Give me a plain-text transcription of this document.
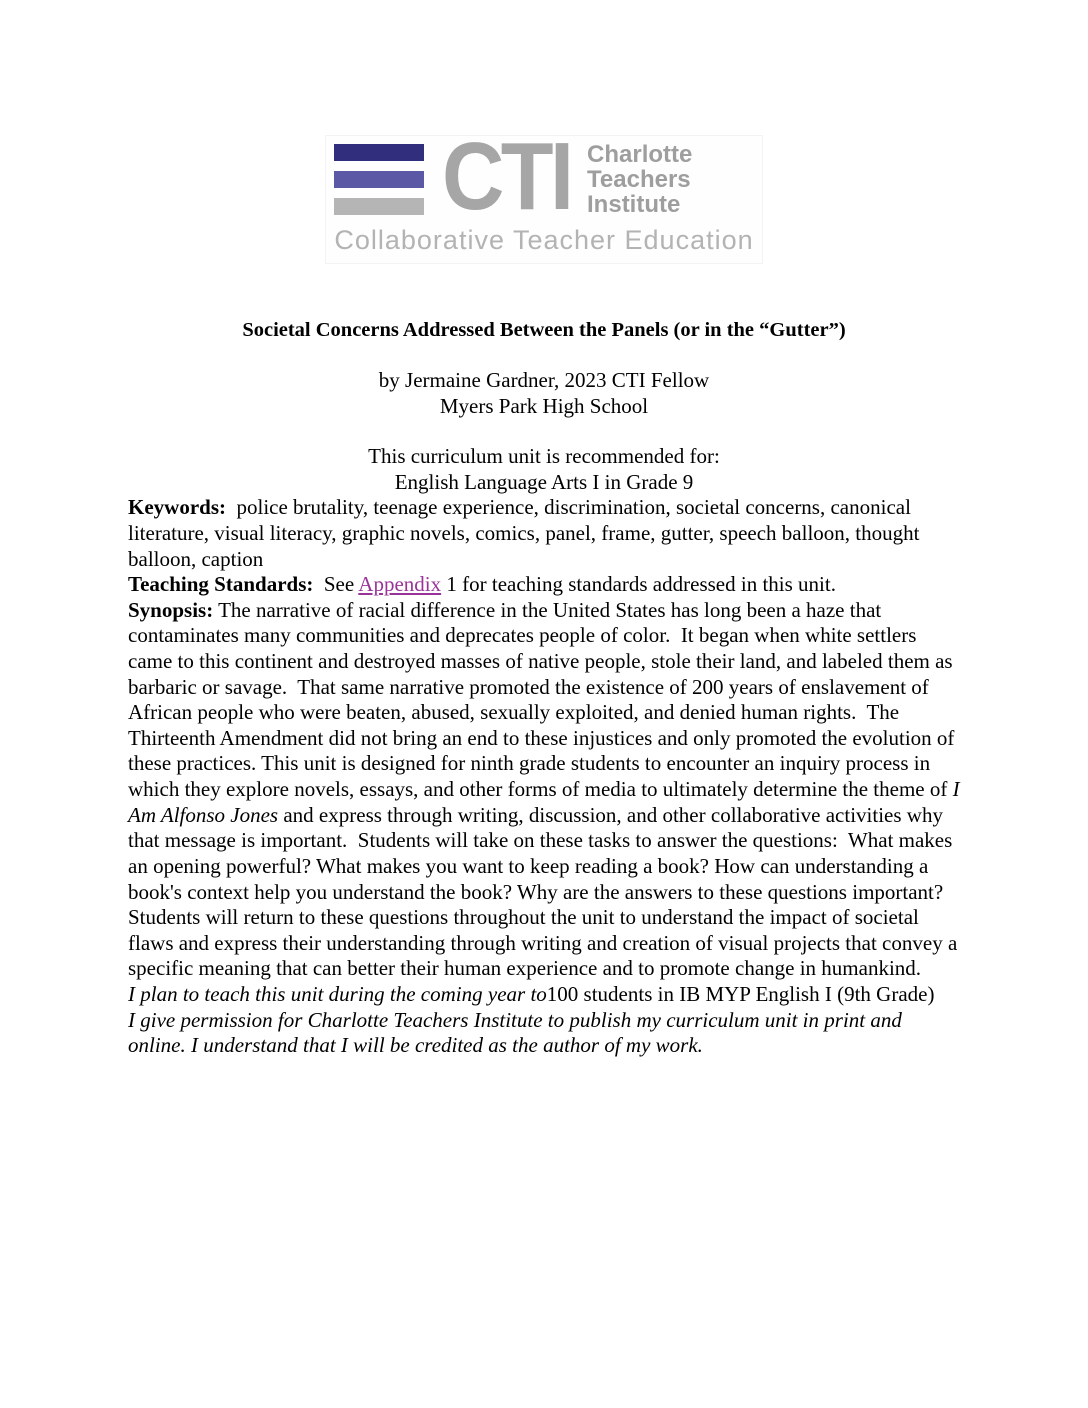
CTI Charlotte
Teachers
Institute
Collaborative Teacher Education
Societal Concerns Addressed Between the Panels (or in the “Gutter”)
by Jermaine Gardner, 2023 CTI Fellow
Myers Park High School
This curriculum unit is recommended for:
English Language Arts I in Grade 9

Keywords:  police brutality, teenage experience, discrimination, societal concerns, canonical literature, visual literacy, graphic novels, comics, panel, frame, gutter, speech balloon, thought balloon, caption

Teaching Standards:  See Appendix 1 for teaching standards addressed in this unit.

Synopsis: The narrative of racial difference in the United States has long been a haze that contaminates many communities and deprecates people of color.  It began when white settlers came to this continent and destroyed masses of native people, stole their land, and labeled them as barbaric or savage.  That same narrative promoted the existence of 200 years of enslavement of African people who were beaten, abused, sexually exploited, and denied human rights.  The Thirteenth Amendment did not bring an end to these injustices and only promoted the evolution of these practices. This unit is designed for ninth grade students to encounter an inquiry process in which they explore novels, essays, and other forms of media to ultimately determine the theme of I Am Alfonso Jones and express through writing, discussion, and other collaborative activities why that message is important.  Students will take on these tasks to answer the questions:  What makes an opening powerful? What makes you want to keep reading a book? How can understanding a book's context help you understand the book? Why are the answers to these questions important?  Students will return to these questions throughout the unit to understand the impact of societal flaws and express their understanding through writing and creation of visual projects that convey a specific meaning that can better their human experience and to promote change in humankind.

I plan to teach this unit during the coming year to100 students in IB MYP English I (9th Grade)

I give permission for Charlotte Teachers Institute to publish my curriculum unit in print and online. I understand that I will be credited as the author of my work.
